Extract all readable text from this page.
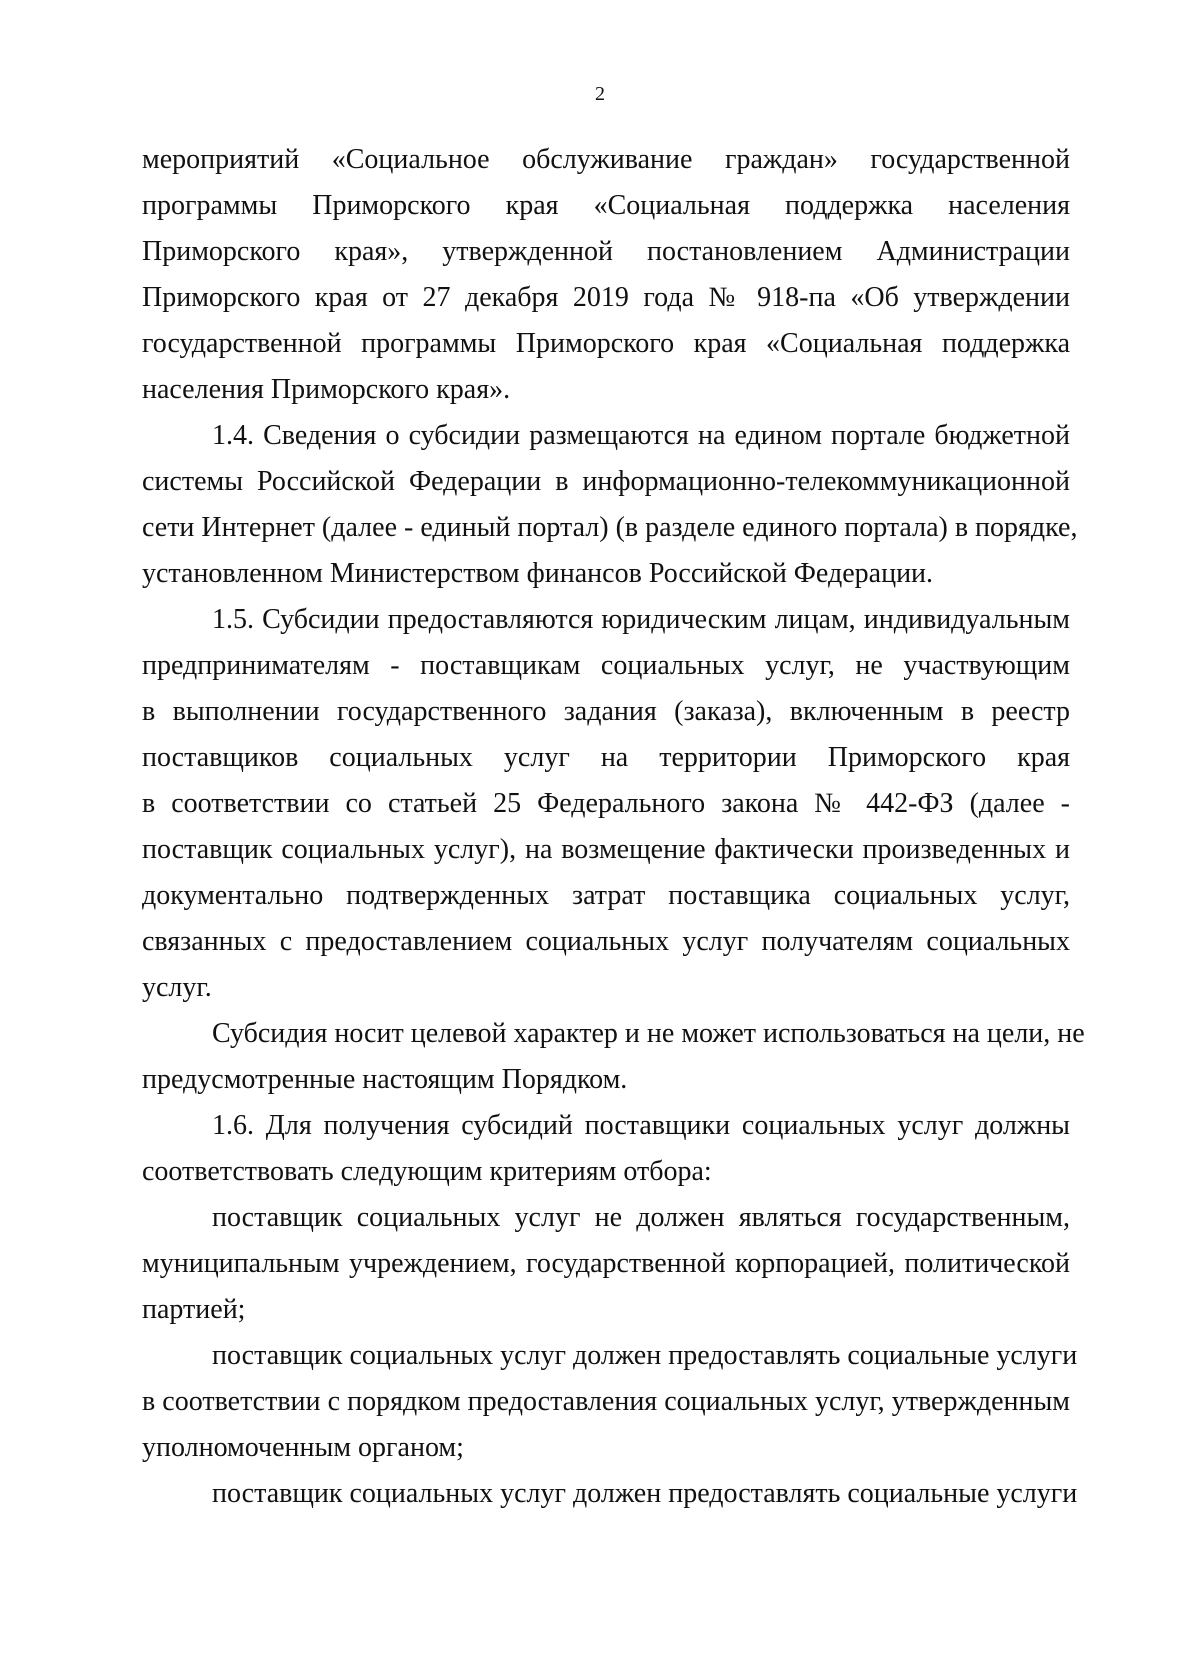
2
мероприятий «Социальное обслуживание граждан» государственной
программы Приморского края «Социальная поддержка населения
Приморского края», утвержденной постановлением Администрации
Приморского края от 27 декабря 2019 года № 918-па «Об утверждении
государственной программы Приморского края «Социальная поддержка
населения Приморского края».
1.4. Сведения о субсидии размещаются на едином портале бюджетной
системы Российской Федерации в информационно-телекоммуникационной
сети Интернет (далее - единый портал) (в разделе единого портала) в порядке,
установленном Министерством финансов Российской Федерации.
1.5. Субсидии предоставляются юридическим лицам, индивидуальным
предпринимателям - поставщикам социальных услуг, не участвующим
в выполнении государственного задания (заказа), включенным в реестр
поставщиков социальных услуг на территории Приморского края
в соответствии со статьей 25 Федерального закона № 442-ФЗ (далее -
поставщик социальных услуг), на возмещение фактически произведенных и
документально подтвержденных затрат поставщика социальных услуг,
связанных с предоставлением социальных услуг получателям социальных
услуг.
Субсидия носит целевой характер и не может использоваться на цели, не
предусмотренные настоящим Порядком.
1.6. Для получения субсидий поставщики социальных услуг должны
соответствовать следующим критериям отбора:
поставщик социальных услуг не должен являться государственным,
муниципальным учреждением, государственной корпорацией, политической
партией;
поставщик социальных услуг должен предоставлять социальные услуги
в соответствии с порядком предоставления социальных услуг, утвержденным
уполномоченным органом;
поставщик социальных услуг должен предоставлять социальные услуги
